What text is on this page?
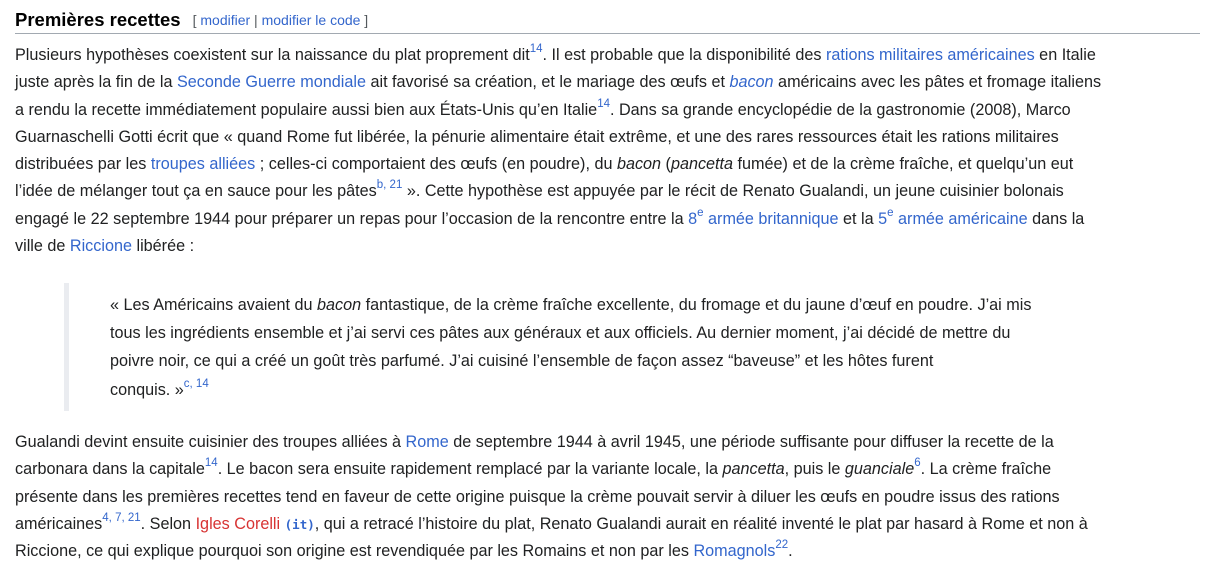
Premières recettes [ modifier | modifier le code ]
Plusieurs hypothèses coexistent sur la naissance du plat proprement dit$^{14}$. Il est probable que la disponibilité des rations militaires américaines en Italie
juste après la fin de la Seconde Guerre mondiale ait favorisé sa création, et le mariage des œufs et bacon américains avec les pâtes et fromage italiens
a rendu la recette immédiatement populaire aussi bien aux États-Unis qu’en Italie$^{14}$. Dans sa grande encyclopédie de la gastronomie (2008), Marco
Guarnaschelli Gotti écrit que « quand Rome fut libérée, la pénurie alimentaire était extrême, et une des rares ressources était les rations militaires
distribuées par les troupes alliées ; celles-ci comportaient des œufs (en poudre), du bacon (pancetta fumée) et de la crème fraîche, et quelqu’un eut
l’idée de mélanger tout ça en sauce pour les pâtes$^{b, 21}$ ». Cette hypothèse est appuyée par le récit de Renato Gualandi, un jeune cuisinier bolonais
engagé le 22 septembre 1944 pour préparer un repas pour l’occasion de la rencontre entre la 8e armée britannique et la 5e armée américaine dans la
ville de Riccione libérée :
« Les Américains avaient du bacon fantastique, de la crème fraîche excellente, du fromage et du jaune d’œuf en poudre. J’ai mis
tous les ingrédients ensemble et j’ai servi ces pâtes aux généraux et aux officiels. Au dernier moment, j’ai décidé de mettre du
poivre noir, ce qui a créé un goût très parfumé. J’ai cuisiné l’ensemble de façon assez “baveuse” et les hôtes furent
conquis. »$^{c, 14}$
Gualandi devint ensuite cuisinier des troupes alliées à Rome de septembre 1944 à avril 1945, une période suffisante pour diffuser la recette de la
carbonara dans la capitale$^{14}$. Le bacon sera ensuite rapidement remplacé par la variante locale, la pancetta, puis le guanciale$^6$. La crème fraîche
présente dans les premières recettes tend en faveur de cette origine puisque la crème pouvait servir à diluer les œufs en poudre issus des rations
américaines$^{4, 7, 21}$. Selon Igles Corelli (it), qui a retracé l’histoire du plat, Renato Gualandi aurait en réalité inventé le plat par hasard à Rome et non à
Riccione, ce qui explique pourquoi son origine est revendiquée par les Romains et non par les Romagnols$^{22}$.
